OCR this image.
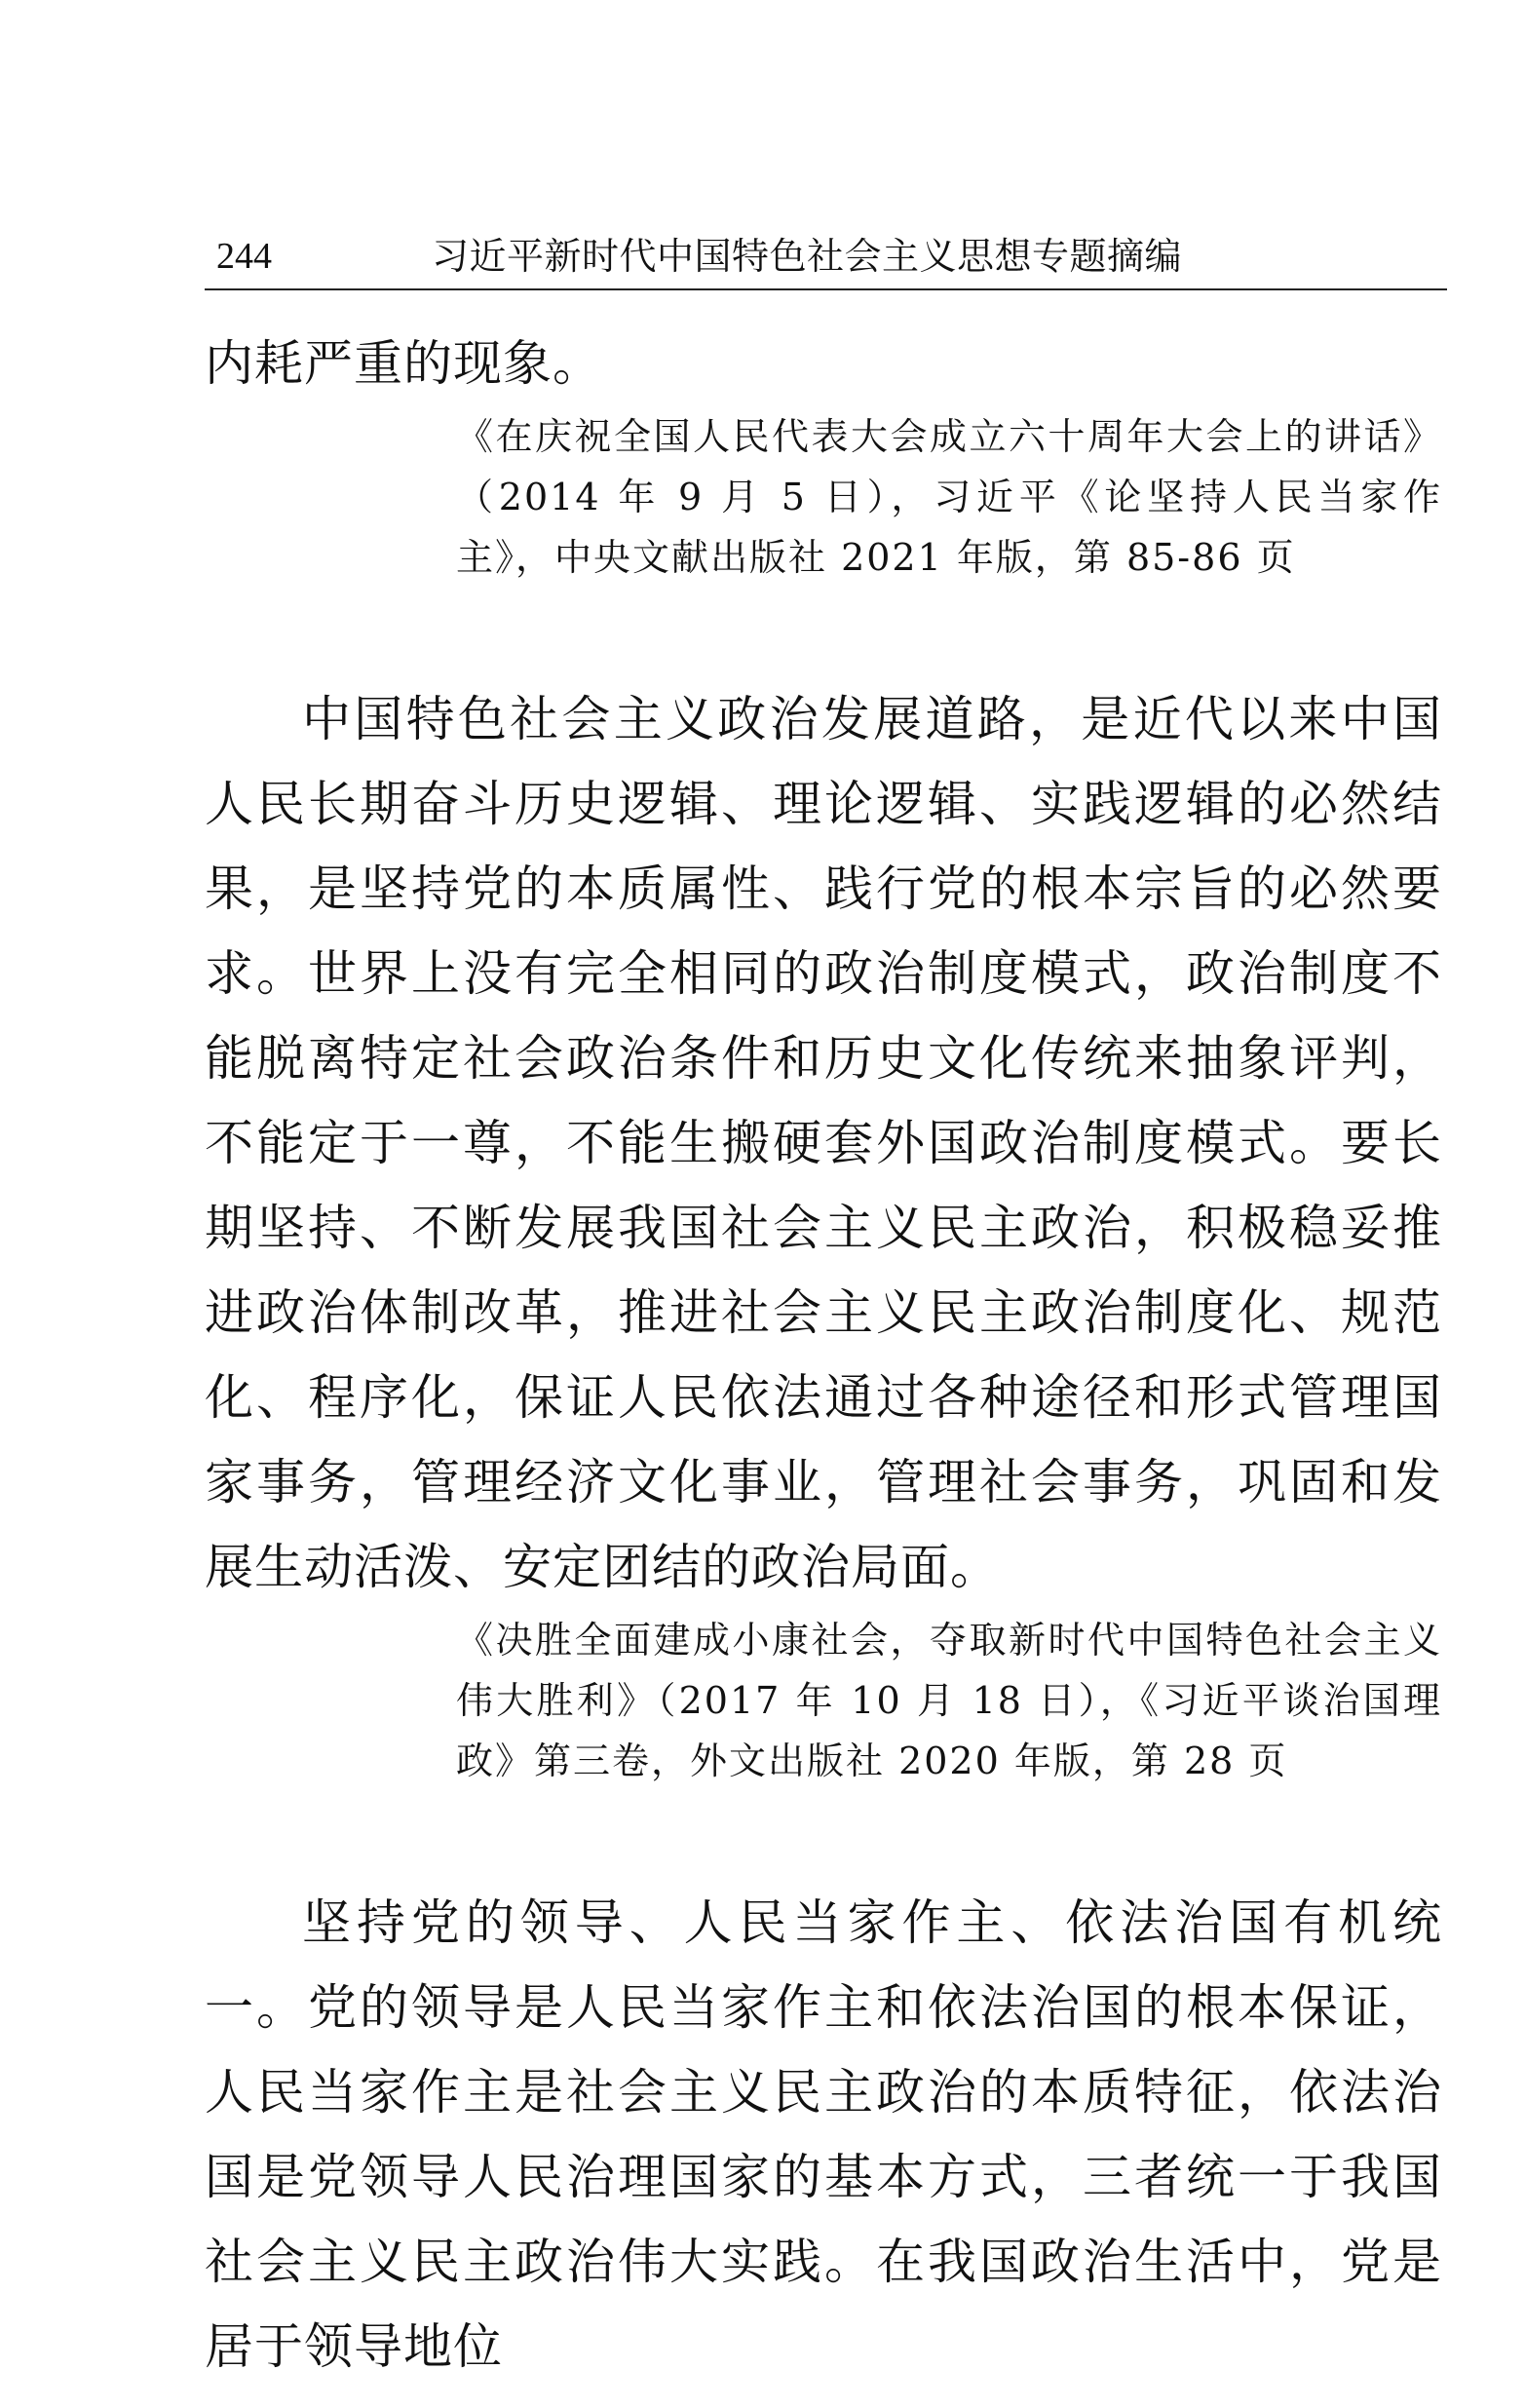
244	习近平新时代中国特色社会主义思想专题摘编

内耗严重的现象。

《在庆祝全国人民代表大会成立六十周年大会上的讲话》（2014 年 9 月 5 日），习近平《论坚持人民当家作主》，中央文献出版社 2021 年版，第 85-86 页

中国特色社会主义政治发展道路，是近代以来中国人民长期奋斗历史逻辑、理论逻辑、实践逻辑的必然结果，是坚持党的本质属性、践行党的根本宗旨的必然要求。世界上没有完全相同的政治制度模式，政治制度不能脱离特定社会政治条件和历史文化传统来抽象评判，不能定于一尊，不能生搬硬套外国政治制度模式。要长期坚持、不断发展我国社会主义民主政治，积极稳妥推进政治体制改革，推进社会主义民主政治制度化、规范化、程序化，保证人民依法通过各种途径和形式管理国家事务，管理经济文化事业，管理社会事务，巩固和发展生动活泼、安定团结的政治局面。

《决胜全面建成小康社会，夺取新时代中国特色社会主义伟大胜利》（2017 年 10 月 18 日），《习近平谈治国理政》第三卷，外文出版社 2020 年版，第 28 页

坚持党的领导、人民当家作主、依法治国有机统一。党的领导是人民当家作主和依法治国的根本保证，人民当家作主是社会主义民主政治的本质特征，依法治国是党领导人民治理国家的基本方式，三者统一于我国社会主义民主政治伟大实践。在我国政治生活中，党是居于领导地位
